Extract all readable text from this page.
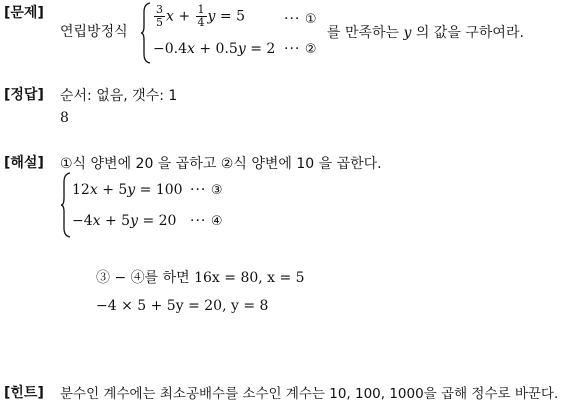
[문제]
연립방정식
$\frac{3}{5}$ $x + \frac{1}{4}$ y = 5	··· ①
−0.4x + 0.5y = 2 ··· ②
를 만족하는 y 의 값을 구하여라.
[정답] 순서: 없음, 갯수: 1
8
[해설] ①식 양변에 20 을 곱하고 ②식 양변에 10 을 곱한다.
12x + 5y = 100 ··· ③
−4x + 5y = 20 ··· ④
③ − ④를 하면 16x = 80, x = 5
−4 × 5 + 5y = 20, y = 8
[힌트] 분수인 계수에는 최소공배수를 소수인 계수는 10, 100, 1000을 곱해 정수로 바꾼다.
